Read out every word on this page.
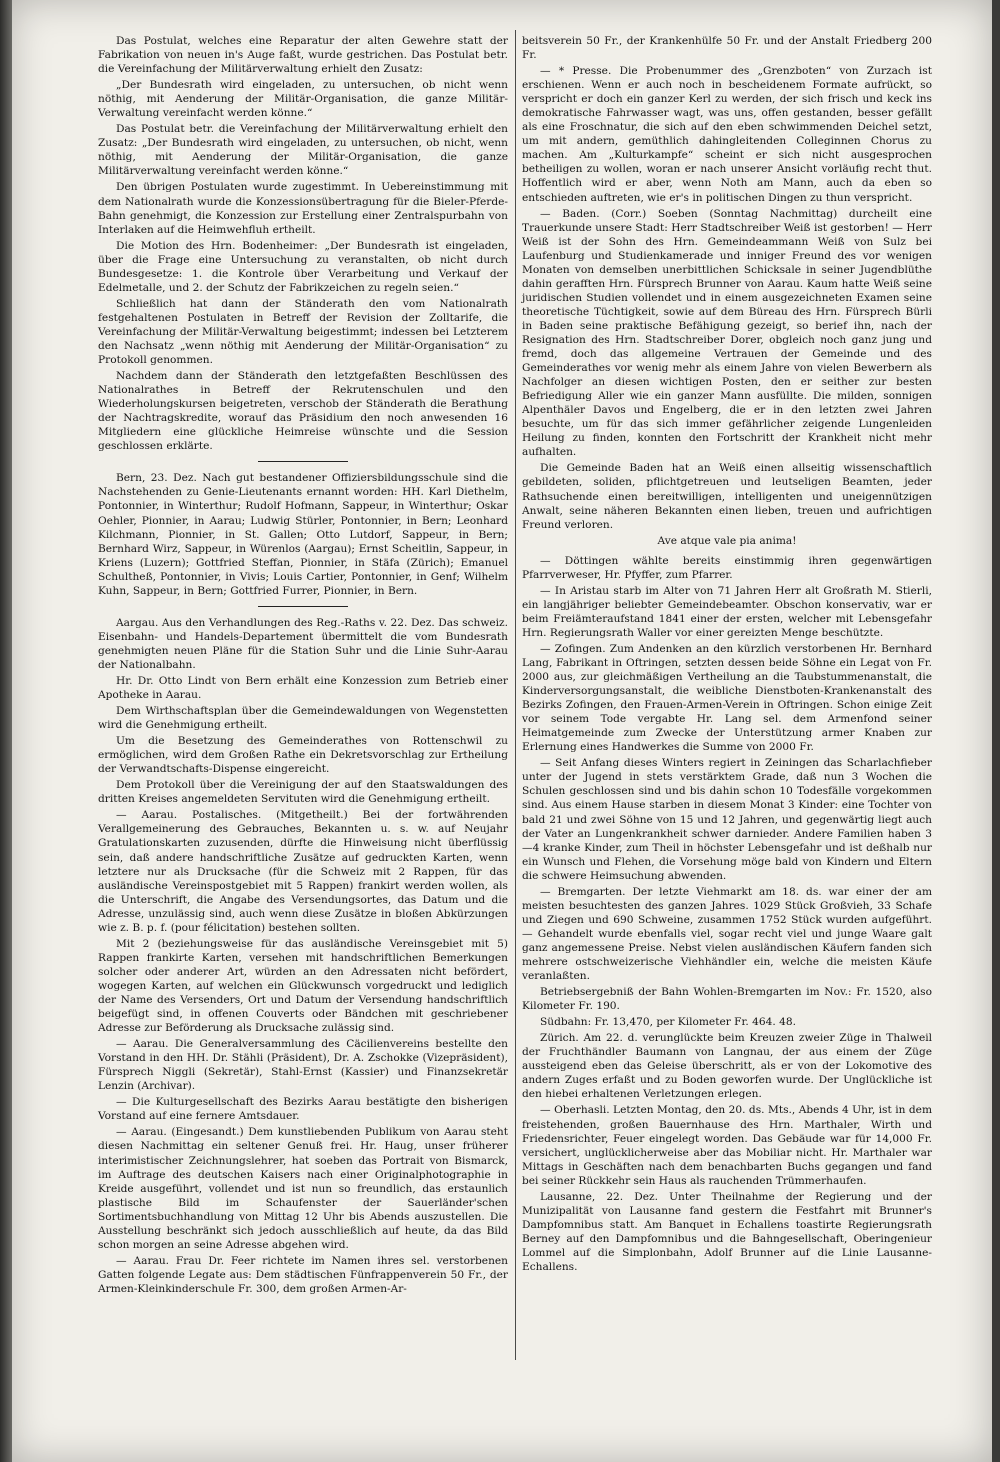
Das Postulat, welches eine Reparatur der alten Gewehre statt der Fabrikation von neuen in's Auge faßt, wurde gestrichen. Das Postulat betr. die Vereinfachung der Militärverwaltung erhielt den Zusatz:

„Der Bundesrath wird eingeladen, zu untersuchen, ob nicht wenn nöthig, mit Aenderung der Militär-Organisation, die ganze Militär-Verwaltung vereinfacht werden könne.“

Das Postulat betr. die Vereinfachung der Militärverwaltung erhielt den Zusatz: „Der Bundesrath wird eingeladen, zu untersuchen, ob nicht, wenn nöthig, mit Aenderung der Militär-Organisation, die ganze Militärverwaltung vereinfacht werden könne.“

Den übrigen Postulaten wurde zugestimmt. In Uebereinstimmung mit dem Nationalrath wurde die Konzessionsübertragung für die Bieler-Pferde-Bahn genehmigt, die Konzession zur Erstellung einer Zentralspurbahn von Interlaken auf die Heimwehfluh ertheilt.

Die Motion des Hrn. Bodenheimer: „Der Bundesrath ist eingeladen, über die Frage eine Untersuchung zu veranstalten, ob nicht durch Bundesgesetze: 1. die Kontrole über Verarbeitung und Verkauf der Edelmetalle, und 2. der Schutz der Fabrikzeichen zu regeln seien.“

Schließlich hat dann der Ständerath den vom Nationalrath festgehaltenen Postulaten in Betreff der Revision der Zolltarife, die Vereinfachung der Militär-Verwaltung beigestimmt; indessen bei Letzterem den Nachsatz „wenn nöthig mit Aenderung der Militär-Organisation“ zu Protokoll genommen.

Nachdem dann der Ständerath den letztgefaßten Beschlüssen des Nationalrathes in Betreff der Rekrutenschulen und den Wiederholungskursen beigetreten, verschob der Ständerath die Berathung der Nachtragskredite, worauf das Präsidium den noch anwesenden 16 Mitgliedern eine glückliche Heimreise wünschte und die Session geschlossen erklärte.

Bern, 23. Dez. Nach gut bestandener Offiziersbildungsschule sind die Nachstehenden zu Genie-Lieutenants ernannt worden: HH. Karl Diethelm, Pontonnier, in Winterthur; Rudolf Hofmann, Sappeur, in Winterthur; Oskar Oehler, Pionnier, in Aarau; Ludwig Stürler, Pontonnier, in Bern; Leonhard Kilchmann, Pionnier, in St. Gallen; Otto Lutdorf, Sappeur, in Bern; Bernhard Wirz, Sappeur, in Würenlos (Aargau); Ernst Scheitlin, Sappeur, in Kriens (Luzern); Gottfried Steffan, Pionnier, in Stäfa (Zürich); Emanuel Schultheß, Pontonnier, in Vivis; Louis Cartier, Pontonnier, in Genf; Wilhelm Kuhn, Sappeur, in Bern; Gottfried Furrer, Pionnier, in Bern.

Aargau. Aus den Verhandlungen des Reg.-Raths v. 22. Dez. Das schweiz. Eisenbahn- und Handels-Departement übermittelt die vom Bundesrath genehmigten neuen Pläne für die Station Suhr und die Linie Suhr-Aarau der Nationalbahn.

Hr. Dr. Otto Lindt von Bern erhält eine Konzession zum Betrieb einer Apotheke in Aarau.

Dem Wirthschaftsplan über die Gemeindewaldungen von Wegenstetten wird die Genehmigung ertheilt.

Um die Besetzung des Gemeinderathes von Rottenschwil zu ermöglichen, wird dem Großen Rathe ein Dekretsvorschlag zur Ertheilung der Verwandtschafts-Dispense eingereicht.

Dem Protokoll über die Vereinigung der auf den Staatswaldungen des dritten Kreises angemeldeten Servituten wird die Genehmigung ertheilt.

— Aarau. Postalisches. (Mitgetheilt.) Bei der fortwährenden Verallgemeinerung des Gebrauches, Bekannten u. s. w. auf Neujahr Gratulationskarten zuzusenden, dürfte die Hinweisung nicht überflüssig sein, daß andere handschriftliche Zusätze auf gedruckten Karten, wenn letztere nur als Drucksache (für die Schweiz mit 2 Rappen, für das ausländische Vereinspostgebiet mit 5 Rappen) frankirt werden wollen, als die Unterschrift, die Angabe des Versendungsortes, das Datum und die Adresse, unzulässig sind, auch wenn diese Zusätze in bloßen Abkürzungen wie z. B. p. f. (pour félicitation) bestehen sollten.

Mit 2 (beziehungsweise für das ausländische Vereinsgebiet mit 5) Rappen frankirte Karten, versehen mit handschriftlichen Bemerkungen solcher oder anderer Art, würden an den Adressaten nicht befördert, wogegen Karten, auf welchen ein Glückwunsch vorgedruckt und lediglich der Name des Versenders, Ort und Datum der Versendung handschriftlich beigefügt sind, in offenen Couverts oder Bändchen mit geschriebener Adresse zur Beförderung als Drucksache zulässig sind.

— Aarau. Die Generalversammlung des Cäcilienvereins bestellte den Vorstand in den HH. Dr. Stähli (Präsident), Dr. A. Zschokke (Vizepräsident), Fürsprech Niggli (Sekretär), Stahl-Ernst (Kassier) und Finanzsekretär Lenzin (Archivar).

— Die Kulturgesellschaft des Bezirks Aarau bestätigte den bisherigen Vorstand auf eine fernere Amtsdauer.

— Aarau. (Eingesandt.) Dem kunstliebenden Publikum von Aarau steht diesen Nachmittag ein seltener Genuß frei. Hr. Haug, unser früherer interimistischer Zeichnungslehrer, hat soeben das Portrait von Bismarck, im Auftrage des deutschen Kaisers nach einer Originalphotographie in Kreide ausgeführt, vollendet und ist nun so freundlich, das erstaunlich plastische Bild im Schaufenster der Sauerländer'schen Sortimentsbuchhandlung von Mittag 12 Uhr bis Abends auszustellen. Die Ausstellung beschränkt sich jedoch ausschließlich auf heute, da das Bild schon morgen an seine Adresse abgehen wird.

— Aarau. Frau Dr. Feer richtete im Namen ihres sel. verstorbenen Gatten folgende Legate aus: Dem städtischen Fünfrappenverein 50 Fr., der Armen-Kleinkinderschule Fr. 300, dem großen Armen-Ar-

beitsverein 50 Fr., der Krankenhülfe 50 Fr. und der Anstalt Friedberg 200 Fr.

— * Presse. Die Probenummer des „Grenzboten“ von Zurzach ist erschienen. Wenn er auch noch in bescheidenem Formate aufrückt, so verspricht er doch ein ganzer Kerl zu werden, der sich frisch und keck ins demokratische Fahrwasser wagt, was uns, offen gestanden, besser gefällt als eine Froschnatur, die sich auf den eben schwimmenden Deichel setzt, um mit andern, gemüthlich dahingleitenden Colleginnen Chorus zu machen. Am „Kulturkampfe“ scheint er sich nicht ausgesprochen betheiligen zu wollen, woran er nach unserer Ansicht vorläufig recht thut. Hoffentlich wird er aber, wenn Noth am Mann, auch da eben so entschieden auftreten, wie er's in politischen Dingen zu thun verspricht.

— Baden. (Corr.) Soeben (Sonntag Nachmittag) durcheilt eine Trauerkunde unsere Stadt: Herr Stadtschreiber Weiß ist gestorben! — Herr Weiß ist der Sohn des Hrn. Gemeindeammann Weiß von Sulz bei Laufenburg und Studienkamerade und inniger Freund des vor wenigen Monaten von demselben unerbittlichen Schicksale in seiner Jugendblüthe dahin gerafften Hrn. Fürsprech Brunner von Aarau. Kaum hatte Weiß seine juridischen Studien vollendet und in einem ausgezeichneten Examen seine theoretische Tüchtigkeit, sowie auf dem Büreau des Hrn. Fürsprech Bürli in Baden seine praktische Befähigung gezeigt, so berief ihn, nach der Resignation des Hrn. Stadtschreiber Dorer, obgleich noch ganz jung und fremd, doch das allgemeine Vertrauen der Gemeinde und des Gemeinderathes vor wenig mehr als einem Jahre von vielen Bewerbern als Nachfolger an diesen wichtigen Posten, den er seither zur besten Befriedigung Aller wie ein ganzer Mann ausfüllte. Die milden, sonnigen Alpenthäler Davos und Engelberg, die er in den letzten zwei Jahren besuchte, um für das sich immer gefährlicher zeigende Lungenleiden Heilung zu finden, konnten den Fortschritt der Krankheit nicht mehr aufhalten.

Die Gemeinde Baden hat an Weiß einen allseitig wissenschaftlich gebildeten, soliden, pflichtgetreuen und leutseligen Beamten, jeder Rathsuchende einen bereitwilligen, intelligenten und uneigennützigen Anwalt, seine näheren Bekannten einen lieben, treuen und aufrichtigen Freund verloren.

Ave atque vale pia anima!

— Döttingen wählte bereits einstimmig ihren gegenwärtigen Pfarrverweser, Hr. Pfyffer, zum Pfarrer.

— In Aristau starb im Alter von 71 Jahren Herr alt Großrath M. Stierli, ein langjähriger beliebter Gemeindebeamter. Obschon konservativ, war er beim Freiämteraufstand 1841 einer der ersten, welcher mit Lebensgefahr Hrn. Regierungsrath Waller vor einer gereizten Menge beschützte.

— Zofingen. Zum Andenken an den kürzlich verstorbenen Hr. Bernhard Lang, Fabrikant in Oftringen, setzten dessen beide Söhne ein Legat von Fr. 2000 aus, zur gleichmäßigen Vertheilung an die Taubstummenanstalt, die Kinderversorgungsanstalt, die weibliche Dienstboten-Krankenanstalt des Bezirks Zofingen, den Frauen-Armen-Verein in Oftringen. Schon einige Zeit vor seinem Tode vergabte Hr. Lang sel. dem Armenfond seiner Heimatgemeinde zum Zwecke der Unterstützung armer Knaben zur Erlernung eines Handwerkes die Summe von 2000 Fr.

— Seit Anfang dieses Winters regiert in Zeiningen das Scharlachfieber unter der Jugend in stets verstärktem Grade, daß nun 3 Wochen die Schulen geschlossen sind und bis dahin schon 10 Todesfälle vorgekommen sind. Aus einem Hause starben in diesem Monat 3 Kinder: eine Tochter von bald 21 und zwei Söhne von 15 und 12 Jahren, und gegenwärtig liegt auch der Vater an Lungenkrankheit schwer darnieder. Andere Familien haben 3—4 kranke Kinder, zum Theil in höchster Lebensgefahr und ist deßhalb nur ein Wunsch und Flehen, die Vorsehung möge bald von Kindern und Eltern die schwere Heimsuchung abwenden.

— Bremgarten. Der letzte Viehmarkt am 18. ds. war einer der am meisten besuchtesten des ganzen Jahres. 1029 Stück Großvieh, 33 Schafe und Ziegen und 690 Schweine, zusammen 1752 Stück wurden aufgeführt. — Gehandelt wurde ebenfalls viel, sogar recht viel und junge Waare galt ganz angemessene Preise. Nebst vielen ausländischen Käufern fanden sich mehrere ostschweizerische Viehhändler ein, welche die meisten Käufe veranlaßten.

Betriebsergebniß der Bahn Wohlen-Bremgarten im Nov.: Fr. 1520, also Kilometer Fr. 190.

Südbahn: Fr. 13,470, per Kilometer Fr. 464. 48.

Zürich. Am 22. d. verunglückte beim Kreuzen zweier Züge in Thalweil der Fruchthändler Baumann von Langnau, der aus einem der Züge aussteigend eben das Geleise überschritt, als er von der Lokomotive des andern Zuges erfaßt und zu Boden geworfen wurde. Der Unglückliche ist den hiebei erhaltenen Verletzungen erlegen.

— Oberhasli. Letzten Montag, den 20. ds. Mts., Abends 4 Uhr, ist in dem freistehenden, großen Bauernhause des Hrn. Marthaler, Wirth und Friedensrichter, Feuer eingelegt worden. Das Gebäude war für 14,000 Fr. versichert, unglücklicherweise aber das Mobiliar nicht. Hr. Marthaler war Mittags in Geschäften nach dem benachbarten Buchs gegangen und fand bei seiner Rückkehr sein Haus als rauchenden Trümmerhaufen.

Lausanne, 22. Dez. Unter Theilnahme der Regierung und der Munizipalität von Lausanne fand gestern die Festfahrt mit Brunner's Dampfomnibus statt. Am Banquet in Echallens toastirte Regierungsrath Berney auf den Dampfomnibus und die Bahngesellschaft, Oberingenieur Lommel auf die Simplonbahn, Adolf Brunner auf die Linie Lausanne-Echallens.
